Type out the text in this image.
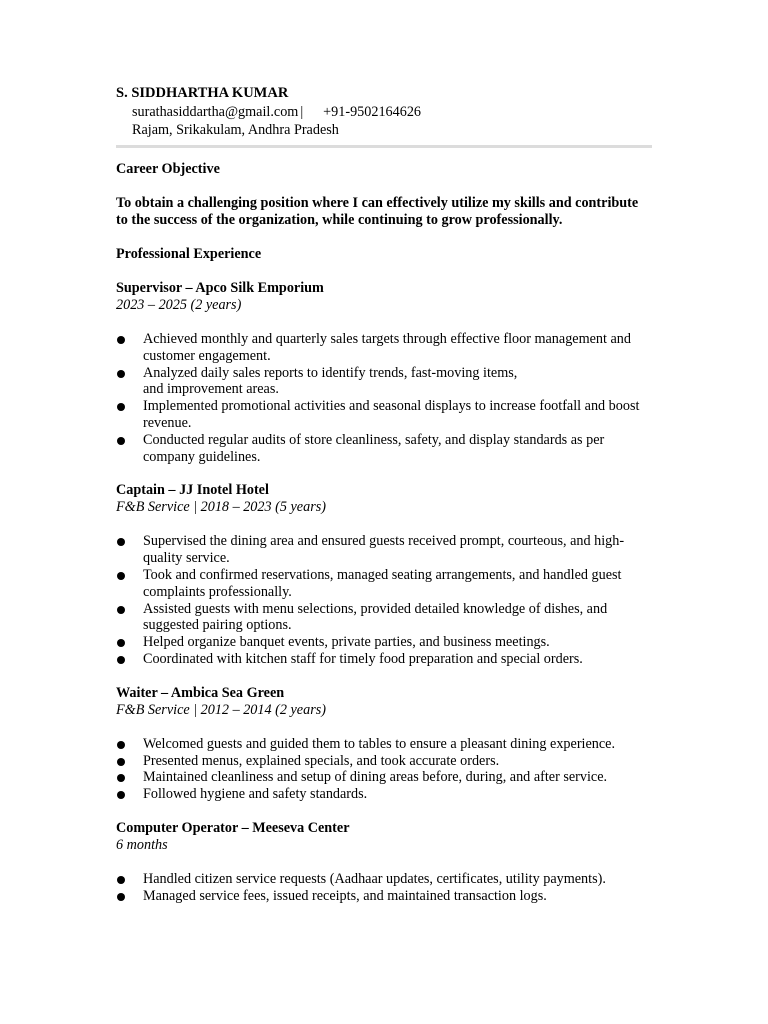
S. SIDDHARTHA KUMAR
surathasiddartha@gmail.com | +91-9502164626
Rajam, Srikakulam, Andhra Pradesh
Career Objective
To obtain a challenging position where I can effectively utilize my skills and contribute to the success of the organization, while continuing to grow professionally.
Professional Experience
Supervisor – Apco Silk Emporium
2023 – 2025 (2 years)
Achieved monthly and quarterly sales targets through effective floor management and customer engagement.
Analyzed daily sales reports to identify trends, fast-moving items,
and improvement areas.
Implemented promotional activities and seasonal displays to increase footfall and boost revenue.
Conducted regular audits of store cleanliness, safety, and display standards as per company guidelines.
Captain – JJ Inotel Hotel
F&B Service | 2018 – 2023 (5 years)
Supervised the dining area and ensured guests received prompt, courteous, and high-quality service.
Took and confirmed reservations, managed seating arrangements, and handled guest complaints professionally.
Assisted guests with menu selections, provided detailed knowledge of dishes, and suggested pairing options.
Helped organize banquet events, private parties, and business meetings.
Coordinated with kitchen staff for timely food preparation and special orders.
Waiter – Ambica Sea Green
F&B Service | 2012 – 2014 (2 years)
Welcomed guests and guided them to tables to ensure a pleasant dining experience.
Presented menus, explained specials, and took accurate orders.
Maintained cleanliness and setup of dining areas before, during, and after service.
Followed hygiene and safety standards.
Computer Operator – Meeseva Center
6 months
Handled citizen service requests (Aadhaar updates, certificates, utility payments).
Managed service fees, issued receipts, and maintained transaction logs.
